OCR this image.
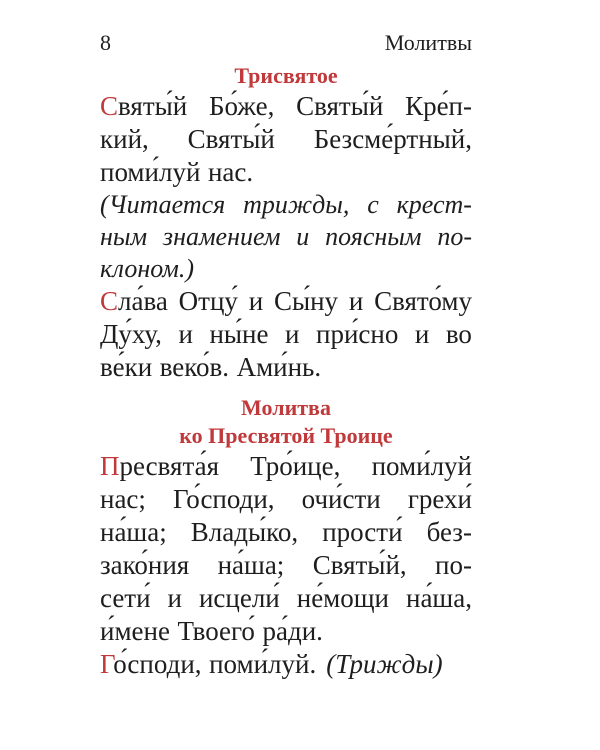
8	Молитвы
Трисвятое
Святы́й Бо́же, Святы́й Кре́п-
кий, Святы́й Безсме́ртный,
поми́луй нас.
(Читается трижды, с крест-
ным знамением и поясным по-
клоном.)
Сла́ва Отцу́ и Сы́ну и Свято́му
Ду́ху, и ны́не и при́сно и во
ве́ки веко́в. Ами́нь.
Молитва
ко Пресвятой Троице
Пресвята́я Тро́ице, поми́луй
нас; Го́споди, очи́сти грехи́
на́ша; Влады́ко, прости́ без-
зако́ния на́ша; Святы́й, по-
сети́ и исцели́ не́мощи на́ша,
и́мене Твоего́ ра́ди.
Го́споди, поми́луй. (Трижды)
